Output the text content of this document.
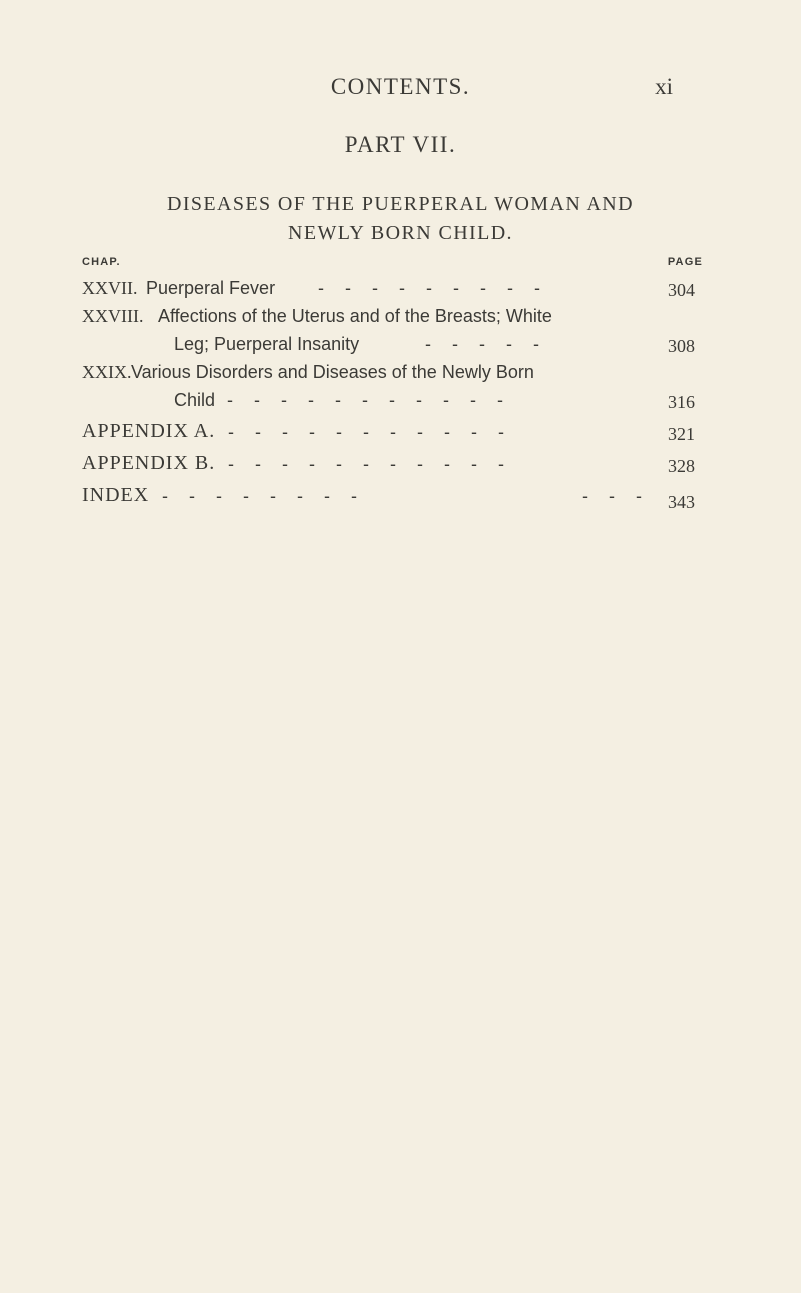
CONTENTS.	xi
PART VII.
DISEASES OF THE PUERPERAL WOMAN AND
NEWLY BORN CHILD.
CHAP.	PAGE
XXVII. Puerperal Fever - - - - - - - - -	304
XXVIII. Affections of the Uterus and of the Breasts; White
Leg; Puerperal Insanity	- - - - -	308
XXIX. Various Disorders and Diseases of the Newly Born
Child - - - - - - - - - - -	316
APPENDIX A. - - - - - - - - - - -	321
APPENDIX B. - - - - - - - - - - -	328
INDEX - - - - - - - -	- - - 343
